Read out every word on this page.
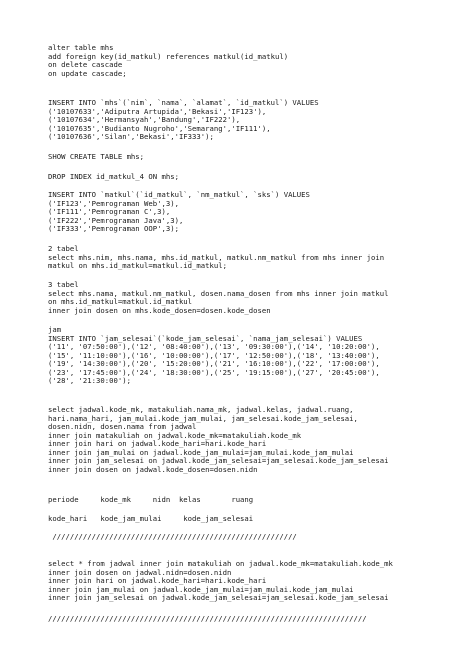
alter table mhs
add foreign key(id_matkul) references matkul(id_matkul)
on delete cascade
on update cascade;
INSERT INTO `mhs`(`nim`, `nama`, `alamat`, `id_matkul`) VALUES
('10107633','Adiputra Artupida','Bekasi','IF123'),
('10107634','Hermansyah','Bandung','IF222'),
('10107635','Budianto Nugroho','Semarang','IF111'),
('10107636','Silan','Bekasi','IF333');
SHOW CREATE TABLE mhs;
DROP INDEX id_matkul_4 ON mhs;
INSERT INTO `matkul`(`id_matkul`, `nm_matkul`, `sks`) VALUES
('IF123','Pemrograman Web',3),
('IF111','Pemrograman C',3),
('IF222','Pemrograman Java',3),
('IF333','Pemrograman OOP',3);
2 tabel
select mhs.nim, mhs.nama, mhs.id_matkul, matkul.nm_matkul from mhs inner join
matkul on mhs.id_matkul=matkul.id_matkul;
3 tabel
select mhs.nama, matkul.nm_matkul, dosen.nama_dosen from mhs inner join matkul
on mhs.id_matkul=matkul.id_matkul
inner join dosen on mhs.kode_dosen=dosen.kode_dosen
jam
INSERT INTO `jam_selesai`(`kode_jam_selesai`, `nama_jam_selesai`) VALUES
('11', '07:50:00'),('12', '08:40:00'),('13', '09:30:00'),('14', '10:20:00'),
('15', '11:10:00'),('16', '10:00:00'),('17', '12:50:00'),('18', '13:40:00'),
('19', '14:30:00'),('20', '15:20:00'),('21', '16:10:00'),('22', '17:00:00'),
('23', '17:45:00'),('24', '18:30:00'),('25', '19:15:00'),('27', '20:45:00'),
('28', '21:30:00');
select jadwal.kode_mk, matakuliah.nama_mk, jadwal.kelas, jadwal.ruang,
hari.nama_hari, jam_mulai.kode_jam_mulai, jam_selesai.kode_jam_selesai,
dosen.nidn, dosen.nama from jadwal
inner join matakuliah on jadwal.kode_mk=matakuliah.kode_mk
inner join hari on jadwal.kode_hari=hari.kode_hari
inner join jam_mulai on jadwal.kode_jam_mulai=jam_mulai.kode_jam_mulai
inner join jam_selesai on jadwal.kode_jam_selesai=jam_selesai.kode_jam_selesai
inner join dosen on jadwal.kode_dosen=dosen.nidn
periode     kode_mk     nidn  kelas       ruang
kode_hari   kode_jam_mulai     kode_jam_selesai
////////////////////////////////////////////////////////
select * from jadwal inner join matakuliah on jadwal.kode_mk=matakuliah.kode_mk
inner join dosen on jadwal.nidn=dosen.nidn
inner join hari on jadwal.kode_hari=hari.kode_hari
inner join jam_mulai on jadwal.kode_jam_mulai=jam_mulai.kode_jam_mulai
inner join jam_selesai on jadwal.kode_jam_selesai=jam_selesai.kode_jam_selesai
/////////////////////////////////////////////////////////////////////////
